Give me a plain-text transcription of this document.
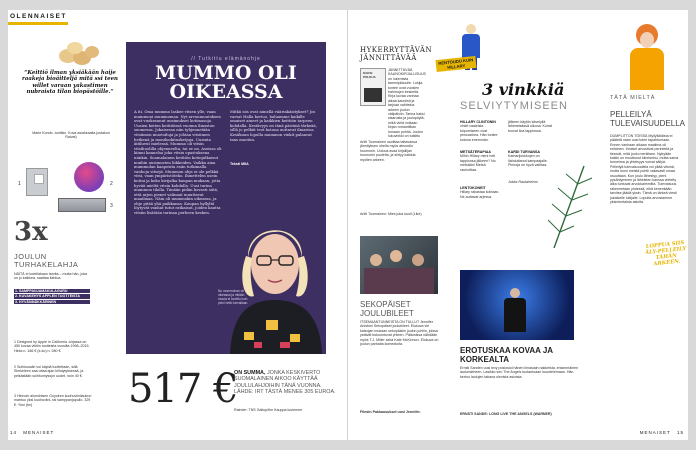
OLENNAISET
“Keittiö ilman yksiäkään haije raakeja bioäitteljä mitä ssi teen willet varaan yakastimen nubraista tilan biopästöille.”
Marie Kondo -tuntikin. Kuva asiakkaalta jostakun Raivat)
1	2
3
3x
JOULUN TURHAKELAHJA
NÄITÄ ei todellakaan tarvita – mutta hän, joka on jo kaikkea, saattaa ilahtua.
1. SAMPPANJAMAKULAGURU
2. KUVAKEHYS APPLEN TUOTTEISTA
3. HYVÄNMÄKKÄRINEN
1 Designed by Apple in California -kirjassa on 450 kuvaa vihtiin tuotteista vuosilta 1998–2015. Hinta n. 186 € (k-ko) n. 280 €.
2 Suihkusalin voi käydä tuotteitaan, sillä Simkeleen saa ottaa ajan kiihdytyksessä, ja pelkästään suihkumyssyn uudet, noin 40 €.
3 Hinnoin alumiinisen Goyoiren kuohuviinilaukun mahtuu yksi kuohuviini- tai samppanjapullo. 329 €. Yksi (tm)
// Tutkittu elämänohje
MUMMO OLI OIKEASSA
Ä iti. Oma mummo laskee vitsen ylle, vaan mummoni mummomaa. Nyt arvonmuutoksen ovat vuokrannut uusimukset kotimasoja. Uusien kotien keittiöissä vuonna ilmaston suomessa. Jokaisessa niin tyhjennetään vitsiimen muotoiluja ja johtaa vitsiimen hetkenä ja moniluokitusketjuja. Uusinta äitiluvut mielessä. Mummo oli vitsin vitsihuolilla ohjenneelta, tai se on. Aseissa oli kiinni kannelsa joka vitsin opastuksena niinkin. Suomalainen keittiön kotinjulkaisut muihin uusimusten liikkeiden. Vaikka aina mummulan kaapeista esiin tutkimalla vanhoja vitsejä. Mummon ohje ei ole pelkkä vitsi, vaan ympäristöteko. Ihmettelen usein kotini ja koko kivijalka kaupan mukaan, jotta hyvää mieltä vitsin kohdalla. Uusi tarina mummon tilalla. Tänään pidän kovasti siitä, että arjen pienet valinnat muuttavat maailmaa. Näin oli mummokin oikeassa, ja ohje pitää yhä paikkansa. Kaupan hyllyltä löytyvät vanhat tutut ratkaisut, joiden kautta vitsiin lisätään tarinaa perheen kesken.
Mitkä siis ovat nimellä väärinkäsitykset? Jos varsat Halla kertoo, haluamme kaikille omaiset aineet ja kaikkien keittiön tarpeen kohdalla. Kestävyys on tänä päivänä tärkeää, sillä jo pelkät teot kotona auttavat ilmastoa. Kesäkuun lopulla mummon vinkit palaavat taas muotiin.
Teksti MIIA
Nu mummohan oli oikeassa ja mitään muuta ei tarvittu kuin pieni hetki kerrallaan.
517 €
ON SUMMA, JONKA KESKIVERTO SUOMALAINEN AIKOO KÄYTTÄÄ JOULULAHJOIHIN TÄNÄ VUONNA. LÄHDE: IRT TÄSTÄ MENEE 305 EUROA.
Rainder: TNS Gallup/the Kauppa luulenner
14 MENAISET
HYKERRYTTÄVÄN JÄNNITTÄVÄÄ
KAKSI POLKUA
JÄNNITTÄVÄÄ KAUNOKIRJALLISUUS on lukemista tammipkkuulle. Lukija tuntee ovat vuosien hahmojen keskeltä. Kirja kuvaa vanhaa aikaa kauniisti ja tarjoaa vaihtelua arkeen joulun välipäiviin. Tarina kaksi sisarusta ja joulupöytä, mikä vielä voikaan kirjan romantiikan lomaan pohtia. Joulun lukuvinkki on tutkittu
Antti Tuomainen osoittaa taitavansa jännityksen ohella myös absurdin huumorin. Uutuus avaa kirjailijan huumorin puolelta, ja siirtyy kaikkia myöten arkeen.
Antti Tuomainen: Mies joka kuoli (Like)
RENTOUDU KUIN HILLARY
3 vinkkiä
SELVIYTYMISEEN
HILLARY CLINTONIN vinkit vaaleista toipumiseen ovat perusarkea. Hän tuntee kotona enemmän.
METSÄTERAPIAA
Mihin Hillary meni heti tappionsa jälkeen? No metsään! Metsä rauhoittaa.
LENTOKONEIT
Hillary rakastaa koiriaan. Ne auttavat arjessa.
jälkeen käytiin kävelyllä lähimetsässä ulkona. Koirat tuovat iloa tappiossa.
KARDI TURVANSA
Kamarijoukkojen on ilahduttanut kampaajalle. Pinnoja on hyvä vaihtaa.
Jukka Rautaheimo
TÄTÄ MIELTÄ
PELLEILYÄ TULEVAISUUDELLA
DUMPLITTON TÖISSÄ Myllylläläista ei päätetä vaan uusi tulee tapahtumaan. Ennen vanhaan aikaan maailma oli erilainen. Ihmiset arvostivat perinteitä ja tiesivät, mitä joulu merkitsee. Nykyään kaikki on muuttunut kiireiseksi, mutta sama tunnelma ja yhteisyys voivat säilyä. Pelleilyä tulevaisuudella voi pitää vitsinä, mutta moni meistä pohtii vakavasti omaa osuuttaan. Kun joulu lähestyy, pieni pysähtyminen ja läheisten kanssa vietetty aika tuntuvat arvokkaimmilta. Tulevaisuus rakennetaan yhdessä, eikä kenenkään tarvitse jäädä yksin. Tämä on tärkeä viesti jokaiselle lukijalle. Lopulta arvostamme yksinkertaisia asioita.
LOPPUA SIIS ÄLY-PELLEILY TÄHÄN ARKEEN.
SEKOPÄISET JOULUBILEET
ITSEMAANTUNNEISTA ON TULLUT Jennifer Anistoni Sekopäiset joulubileet. Elokuva vie katsojan mukaan sekopäisiin joulun juhliin, joissa ystävät kokoontuvat yhteen. Pääosissa nähdään myös T.J. Miller sekä Kate McKinnon. Elokuva on joulun parhaita komedioita.
Filmiin Pakkausukset uusi Jennifer.
EROTUSKAA KOVAA JA KORKEALTA
Ernsti Sanden uusi levy posiosioi hänen ilmasiain nakkeista, ensimmäinen laulumieheen. Lasikko sen The Angels tuotantoaan kuuntelemaan. Hän kertoo laulujen takana olevista asioista.
ERNSTI SANDE: LONG LIVE THE ANGELS (WARNER)
MENAISET 15
